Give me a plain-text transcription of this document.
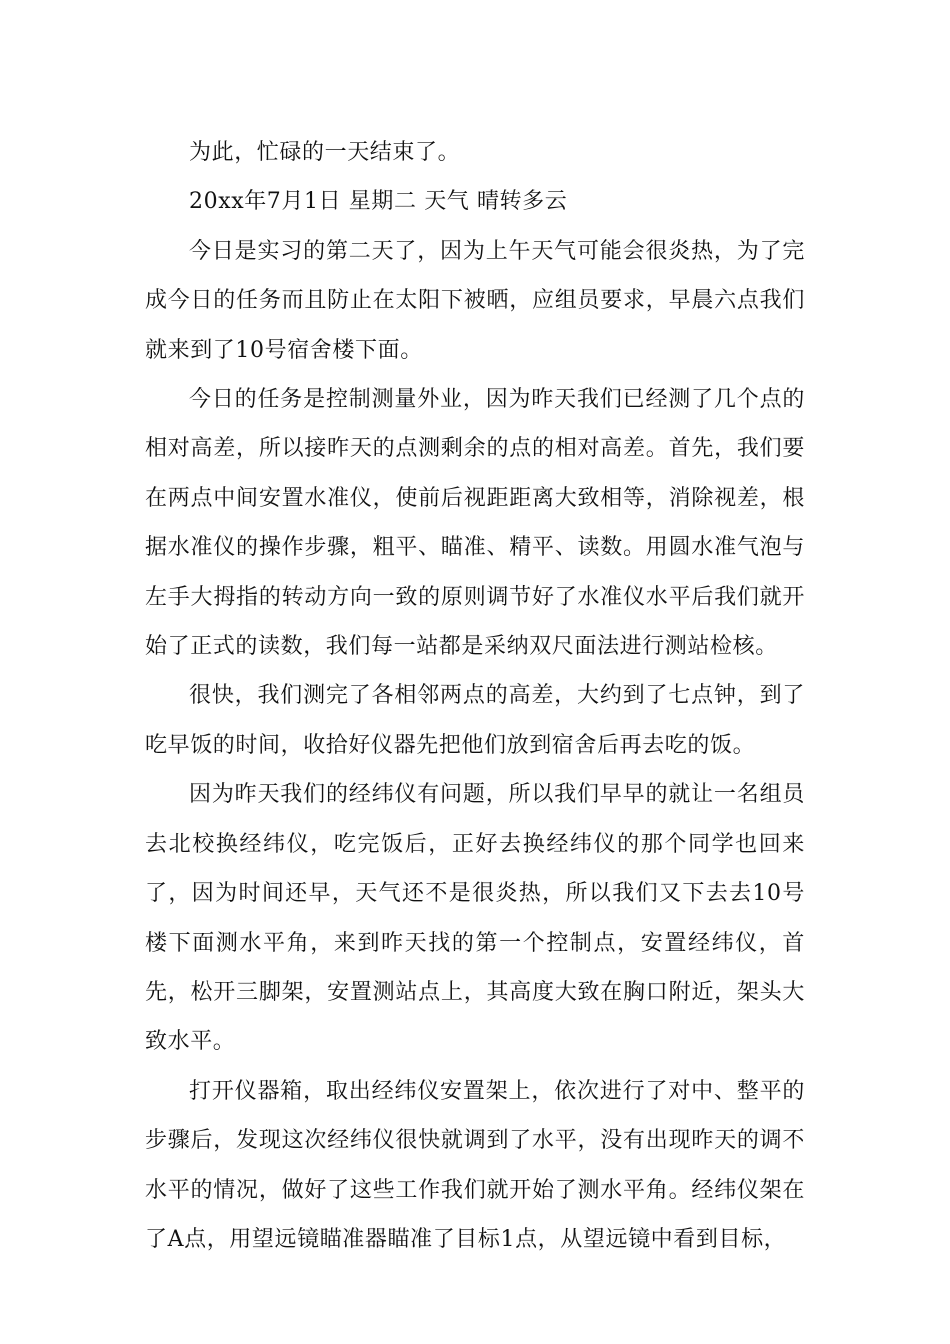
为此，忙碌的一天结束了。

20xx年7月1日 星期二 天气 晴转多云

今日是实习的第二天了，因为上午天气可能会很炎热，为了完成今日的任务而且防止在太阳下被晒，应组员要求，早晨六点我们就来到了10号宿舍楼下面。

今日的任务是控制测量外业，因为昨天我们已经测了几个点的相对高差，所以接昨天的点测剩余的点的相对高差。首先，我们要在两点中间安置水准仪，使前后视距距离大致相等，消除视差，根据水准仪的操作步骤，粗平、瞄准、精平、读数。用圆水准气泡与左手大拇指的转动方向一致的原则调节好了水准仪水平后我们就开始了正式的读数，我们每一站都是采纳双尺面法进行测站检核。

很快，我们测完了各相邻两点的高差，大约到了七点钟，到了吃早饭的时间，收拾好仪器先把他们放到宿舍后再去吃的饭。

因为昨天我们的经纬仪有问题，所以我们早早的就让一名组员去北校换经纬仪，吃完饭后，正好去换经纬仪的那个同学也回来了，因为时间还早，天气还不是很炎热，所以我们又下去去10号楼下面测水平角，来到昨天找的第一个控制点，安置经纬仪，首先，松开三脚架，安置测站点上，其高度大致在胸口附近，架头大致水平。

打开仪器箱，取出经纬仪安置架上，依次进行了对中、整平的步骤后，发现这次经纬仪很快就调到了水平，没有出现昨天的调不水平的情况，做好了这些工作我们就开始了测水平角。经纬仪架在了A点，用望远镜瞄准器瞄准了目标1点，从望远镜中看到目标，
